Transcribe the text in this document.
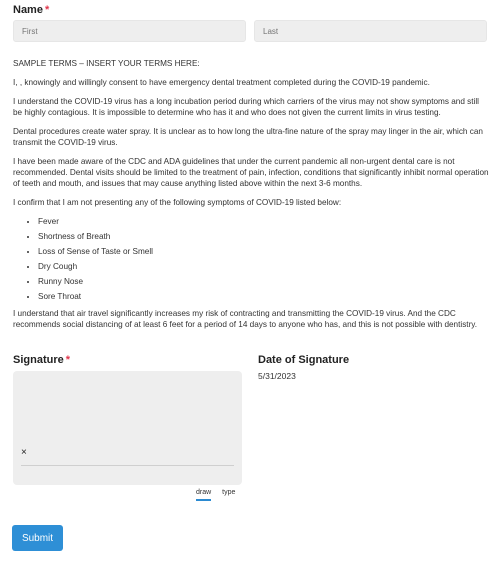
Name *
First
Last

SAMPLE TERMS – INSERT YOUR TERMS HERE:

I, , knowingly and willingly consent to have emergency dental treatment completed during the COVID-19 pandemic.

I understand the COVID-19 virus has a long incubation period during which carriers of the virus may not show symptoms and still be highly contagious. It is impossible to determine who has it and who does not given the current limits in virus testing.

Dental procedures create water spray. It is unclear as to how long the ultra-fine nature of the spray may linger in the air, which can transmit the COVID-19 virus.

I have been made aware of the CDC and ADA guidelines that under the current pandemic all non-urgent dental care is not recommended. Dental visits should be limited to the treatment of pain, infection, conditions that significantly inhibit normal operation of teeth and mouth, and issues that may cause anything listed above within the next 3-6 months.

I confirm that I am not presenting any of the following symptoms of COVID-19 listed below:

• Fever
• Shortness of Breath
• Loss of Sense of Taste or Smell
• Dry Cough
• Runny Nose
• Sore Throat

I understand that air travel significantly increases my risk of contracting and transmitting the COVID-19 virus. And the CDC recommends social distancing of at least 6 feet for a period of 14 days to anyone who has, and this is not possible with dentistry.

Signature *
×
draw type
Date of Signature
5/31/2023
Submit
